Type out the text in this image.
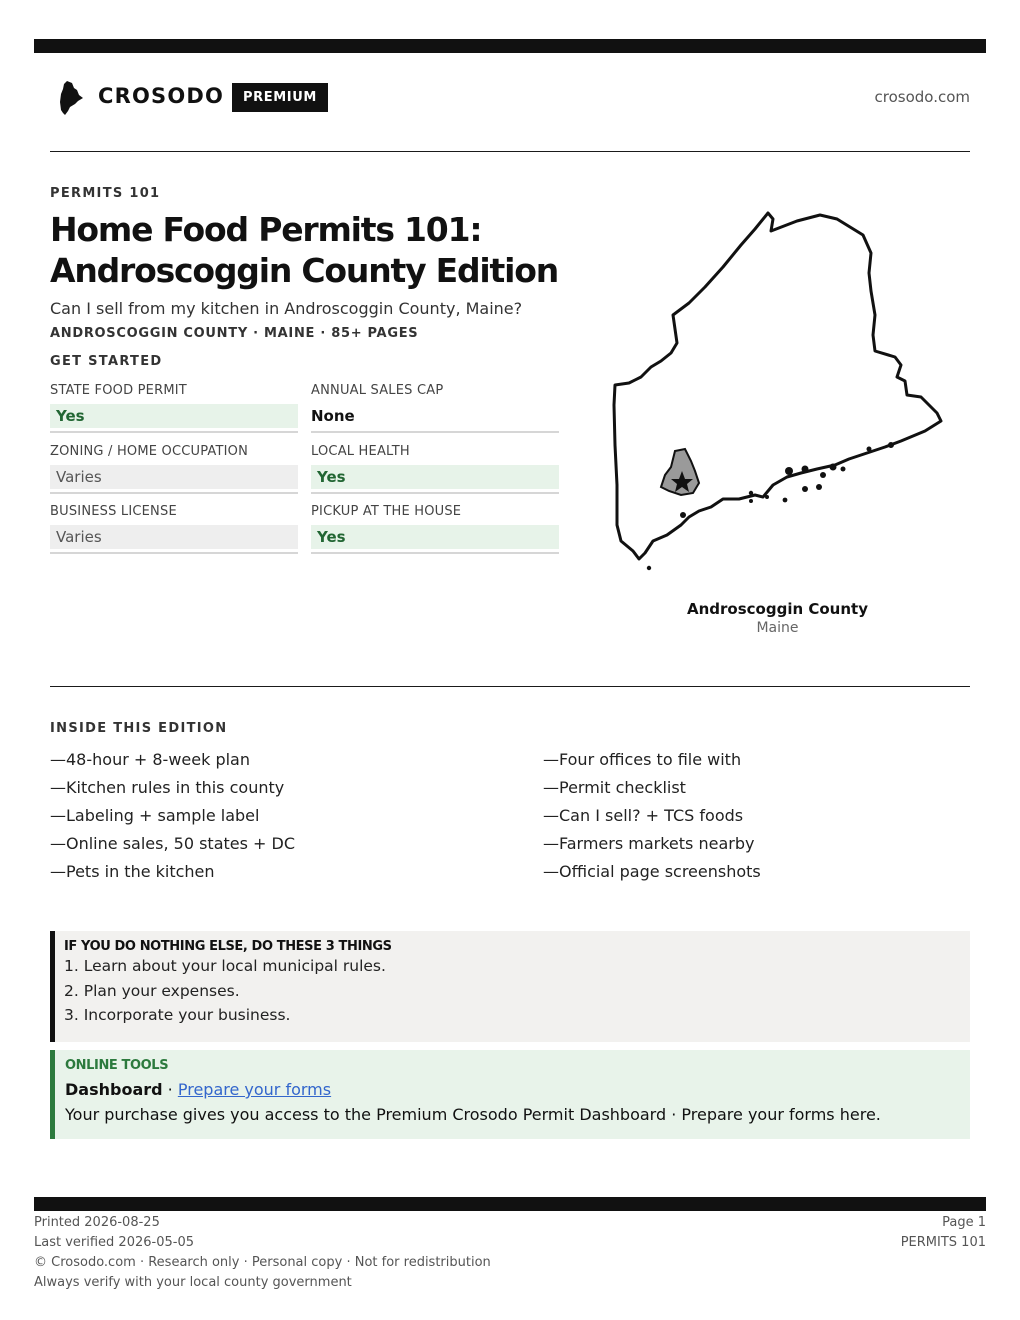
CROSODO	PREMIUM	crosodo.com
PERMITS 101
Home Food Permits 101:
Androscoggin County Edition
Can I sell from my kitchen in Androscoggin County, Maine?
ANDROSCOGGIN COUNTY · MAINE · 85+ PAGES
GET STARTED
STATE FOOD PERMIT
Yes
ANNUAL SALES CAP
None
ZONING / HOME OCCUPATION
Varies
LOCAL HEALTH
Yes
BUSINESS LICENSE
Varies
PICKUP AT THE HOUSE
Yes
Androscoggin County
Maine
INSIDE THIS EDITION
—48-hour + 8-week plan
—Kitchen rules in this county
—Labeling + sample label
—Online sales, 50 states + DC
—Pets in the kitchen
—Four offices to file with
—Permit checklist
—Can I sell? + TCS foods
—Farmers markets nearby
—Official page screenshots
IF YOU DO NOTHING ELSE, DO THESE 3 THINGS
1. Learn about your local municipal rules.
2. Plan your expenses.
3. Incorporate your business.
ONLINE TOOLS
Dashboard · Prepare your forms
Your purchase gives you access to the Premium Crosodo Permit Dashboard · Prepare your forms here.
Printed 2026-08-25
Last verified 2026-05-05
© Crosodo.com · Research only · Personal copy · Not for redistribution
Always verify with your local county government
Page 1
PERMITS 101
